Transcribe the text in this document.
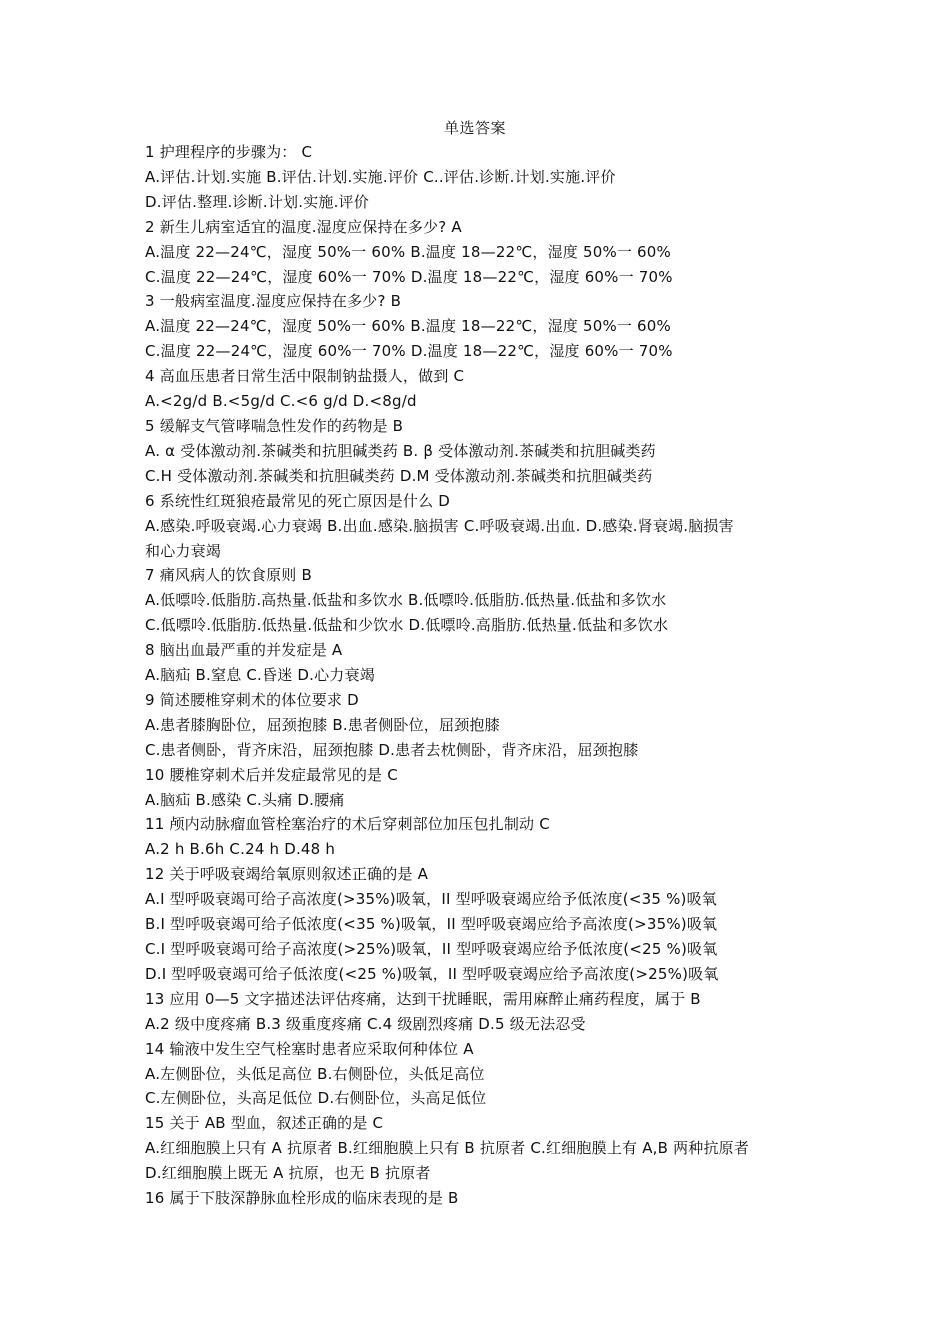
单选答案
1 护理程序的步骤为： C
A.评估.计划.实施 B.评估.计划.实施.评价 C..评估.诊断.计划.实施.评价
D.评估.整理.诊断.计划.实施.评价
2 新生儿病室适宜的温度.湿度应保持在多少? A
A.温度 22—24℃，湿度 50%一 60% B.温度 18—22℃，湿度 50%一 60%
C.温度 22—24℃，湿度 60%一 70% D.温度 18—22℃，湿度 60%一 70%
3 一般病室温度.湿度应保持在多少? B
A.温度 22—24℃，湿度 50%一 60% B.温度 18—22℃，湿度 50%一 60%
C.温度 22—24℃，湿度 60%一 70% D.温度 18—22℃，湿度 60%一 70%
4 高血压患者日常生活中限制钠盐摄人，做到 C
A.<2g/d B.<5g/d C.<6 g/d D.<8g/d
5 缓解支气管哮喘急性发作的药物是 B
A. α 受体激动剂.茶碱类和抗胆碱类药 B. β 受体激动剂.茶碱类和抗胆碱类药
C.H 受体激动剂.茶碱类和抗胆碱类药 D.M 受体激动剂.茶碱类和抗胆碱类药
6 系统性红斑狼疮最常见的死亡原因是什么 D
A.感染.呼吸衰竭.心力衰竭 B.出血.感染.脑损害 C.呼吸衰竭.出血. D.感染.肾衰竭.脑损害
和心力衰竭
7 痛风病人的饮食原则 B
A.低嘌呤.低脂肪.高热量.低盐和多饮水 B.低嘌呤.低脂肪.低热量.低盐和多饮水
C.低嘌呤.低脂肪.低热量.低盐和少饮水 D.低嘌呤.高脂肪.低热量.低盐和多饮水
8 脑出血最严重的并发症是 A
A.脑疝 B.窒息 C.昏迷 D.心力衰竭
9 简述腰椎穿刺术的体位要求 D
A.患者膝胸卧位，屈颈抱膝 B.患者侧卧位，屈颈抱膝
C.患者侧卧，背齐床沿，屈颈抱膝 D.患者去枕侧卧，背齐床沿，屈颈抱膝
10 腰椎穿刺术后并发症最常见的是 C
A.脑疝 B.感染 C.头痛 D.腰痛
11 颅内动脉瘤血管栓塞治疗的术后穿刺部位加压包扎制动 C
A.2 h B.6h C.24 h D.48 h
12 关于呼吸衰竭给氧原则叙述正确的是 A
A.I 型呼吸衰竭可给子高浓度(>35%)吸氧，II 型呼吸衰竭应给予低浓度(<35 %)吸氧
B.I 型呼吸衰竭可给子低浓度(<35 %)吸氧，II 型呼吸衰竭应给予高浓度(>35%)吸氧
C.I 型呼吸衰竭可给子高浓度(>25%)吸氧，II 型呼吸衰竭应给予低浓度(<25 %)吸氧
D.I 型呼吸衰竭可给子低浓度(<25 %)吸氧，II 型呼吸衰竭应给予高浓度(>25%)吸氧
13 应用 0—5 文字描述法评估疼痛，达到干扰睡眠，需用麻醉止痛药程度，属于 B
A.2 级中度疼痛 B.3 级重度疼痛 C.4 级剧烈疼痛 D.5 级无法忍受
14 输液中发生空气栓塞时患者应采取何种体位 A
A.左侧卧位，头低足高位 B.右侧卧位，头低足高位
C.左侧卧位，头高足低位 D.右侧卧位，头高足低位
15 关于 AB 型血，叙述正确的是 C
A.红细胞膜上只有 A 抗原者 B.红细胞膜上只有 B 抗原者 C.红细胞膜上有 A,B 两种抗原者
D.红细胞膜上既无 A 抗原，也无 B 抗原者
16 属于下肢深静脉血栓形成的临床表现的是 B
